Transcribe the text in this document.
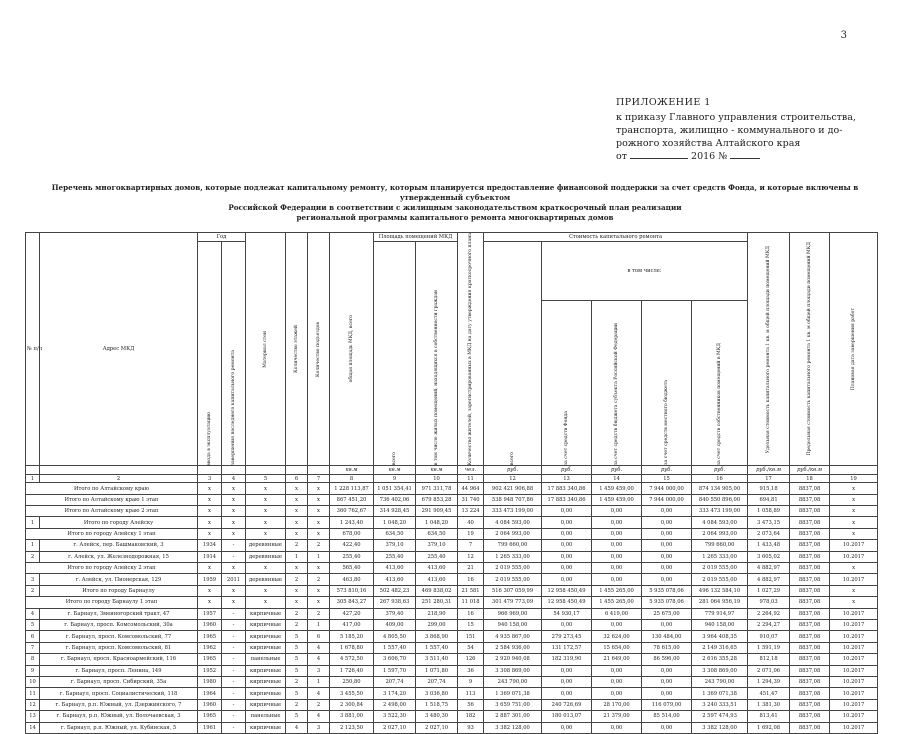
3
ПРИЛОЖЕНИЕ 1
к приказу Главного управления строительства,
транспорта, жилищно - коммунального и до-
рожного хозяйства Алтайского края
от	2016 №
Перечень многоквартирных домов, которые подлежат капитальному ремонту, которым планируется предоставление финансовой поддержки за счет средств Фонда, и которые включены в утвержденный субъектом
Российской Федерации в соответствии с жилищным законодательством краткосрочный план реализации
региональной программы капитального ремонта многоквартирных домов
№ п/п	Адрес МКД	Год		Материал стен	Количество этажей	Количество подъездов	общая площадь МКД, всего	Площадь помещений МКД		Количество жителей, зарегистрированных в МКД на дату утверждения краткосрочного плана	Стоимость капитального ремонта					Удельная стоимость капитального ремонта 1 кв. м общей площади помещений МКД	Предельная стоимость капитального ремонта 1 кв. м общей площади помещений МКД	Плановая дата завершения работ

		ввода в эксплуатацию	завершения последнего капитального ремонта					всего	в том числе жилых помещений, находящихся в собственности граждан		всего	в том числе:						

												за счет средств Фонда	за счет средств бюджета субъекта Российской Федерации	за счет средств местного бюджета	за счет средств собственников помещений в МКД			

							кв.м	кв.м	кв.м	чел.	руб.	руб.	руб.	руб.	руб.	руб./кв.м	руб./кв.м	
1	2	3	4	5	6	7	8	9	10	11	12	13	14	15	16	17	18	19
Итого по Алтайскому краю		x	x	x	x	x	1 228 113,87	1 051 354,41	971 311,78	44 964	902 421 906,88	17 883 340,86	1 459 459,00	7 944 000,00	874 134 905,00	915,18	8837,08	x
Итого по Алтайскому краю 1 этап		x	x	x	x	x	867 451,20	736 402,06	679 853,28	31 740	538 948 707,86	17 883 340,86	1 459 459,00	7 944 000,00	840 550 896,00	694,81	8837,08	x
Итого по Алтайскому краю 2 этап		x	x	x	x	x	360 762,67	314 928,45	291 909,45	13 224	333 473 199,00	0,00	0,00	0,00	333 473 199,00	1 058,89	8837,08	x
1	Итого по городу Алейску	x	x	x	x	x	1 243,40	1 048,20	1 048,20	40	4 084 593,00	0,00	0,00	0,00	4 084 593,00	3 473,15	8837,08	x
Итого по городу Алейску 1 этап		x	x	x	x	x	678,00	634,50	634,50	19	2 064 993,00	0,00	0,00	0,00	2 064 993,00	2 073,64	8837,08	x
1	г. Алейск, пер. Башмаковский, 3	1934	-	деревянные	2	2	422,40	379,10	379,10	7	799 660,00	0,00	0,00	0,00	799 660,00	1 433,48	8837,08	10.2017
2	г. Алейск, ул. Железнодорожная, 15	1914	-	деревянные	1	1	255,40	255,40	255,40	12	1 265 333,00	0,00	0,00	0,00	1 265 333,00	3 605,02	8837,08	10.2017
Итого по городу Алейску 2 этап		x	x	x	x	x	565,40	413,60	413,60	21	2 019 555,00	0,00	0,00	0,00	2 019 555,00	4 882,97	8837,08	x
3	г. Алейск, ул. Пионерская, 129	1959	2011	деревянные	2	2	463,80	413,60	413,60	16	2 019 555,00	0,00	0,00	0,00	2 019 555,00	4 882,97	8837,08	10.2017
2	Итого по городу Барнаулу	x	x	x	x	x	573 810,16	502 482,23	469 838,02	21 581	516 307 059,99	12 958 450,49	1 455 265,00	5 935 078,06	496 132 584,10	1 027,29	8837,08	x
Итого по городу Барнаулу 1 этап		x	x	x	x	x	305 843,27	267 938,63	251 280,31	11 018	301 479 773,09	12 958 450,49	1 455 265,00	5 935 078,06	281 064 956,19	978,03	8837,08	x
4	г. Барнаул, Змеиногорский тракт, 47	1957	-	кирпичные	2	2	427,20	379,40	218,90	16	966 969,00	54 930,17	6 419,00	25 675,00	779 914,97	2 264,92	8837,08	10.2017
5	г. Барнаул, просп. Комсомольский, 30а	1960	-	кирпичные	2	1	417,00	409,00	299,00	15	940 158,00	0,00	0,00	0,00	940 158,00	2 294,27	8837,08	10.2017
6	г. Барнаул, просп. Комсомольский, 77	1965	-	кирпичные	5	6	5 185,20	4 805,50	3 868,90	151	4 935 867,00	279 273,45	32 624,00	130 484,00	3 964 408,35	910,07	8837,08	10.2017
7	г. Барнаул, просп. Комсомольский, 81	1962	-	кирпичные	5	4	1 678,80	1 557,40	1 557,40	54	2 584 936,00	131 172,57	15 654,00	78 615,00	2 149 316,65	1 591,19	8837,08	10.2017
8	г. Барнаул, просп. Красноармейский, 116	1965	-	панельные	5	4	4 572,50	3 606,70	3 511,40	126	2 920 940,08	182 319,90	21 649,00	86 596,00	2 616 355,28	812,18	8837,08	10.2017
9	г. Барнаул, просп. Ленина, 149	1952	-	кирпичные	5	3	1 726,40	1 597,70	1 071,80	36	3 308 869,00	0,00	0,00	0,00	3 308 869,00	2 071,06	8837,08	10.2017
10	г. Барнаул, просп. Сибирский, 35а	1980	-	кирпичные	2	1	250,80	207,74	207,74	9	243 790,00	0,00	0,00	0,00	243 790,00	1 294,39	8837,08	10.2017
11	г. Барнаул, просп. Социалистический, 118	1964	-	кирпичные	5	4	3 455,50	3 174,20	3 036,80	113	1 369 071,38	0,00	0,00	0,00	1 369 071,38	451,47	8837,08	10.2017
12	г. Барнаул, р.п. Южный, ул. Дзержинского, 7	1960	-	кирпичные	2	2	2 300,84	2 498,00	1 518,75	56	3 659 751,00	240 726,69	28 170,00	116 079,00	3 240 333,51	1 381,30	8837,08	10.2017
13	г. Барнаул, р.п. Южный, ул. Волочаевская, 3	1965	-	панельные	5	4	3 881,00	3 522,30	3 480,30	182	2 887 301,00	180 013,07	21 379,00	85 514,00	2 597 474,93	813,41	8837,08	10.2017
14	г. Барнаул, р.п. Южный, ул. Кубинская, 5	1961	-	кирпичные	4	3	2 123,50	2 027,10	2 027,10	93	3 382 128,00	0,00	0,00	0,00	3 382 128,00	1 692,08	8837,08	10.2017
